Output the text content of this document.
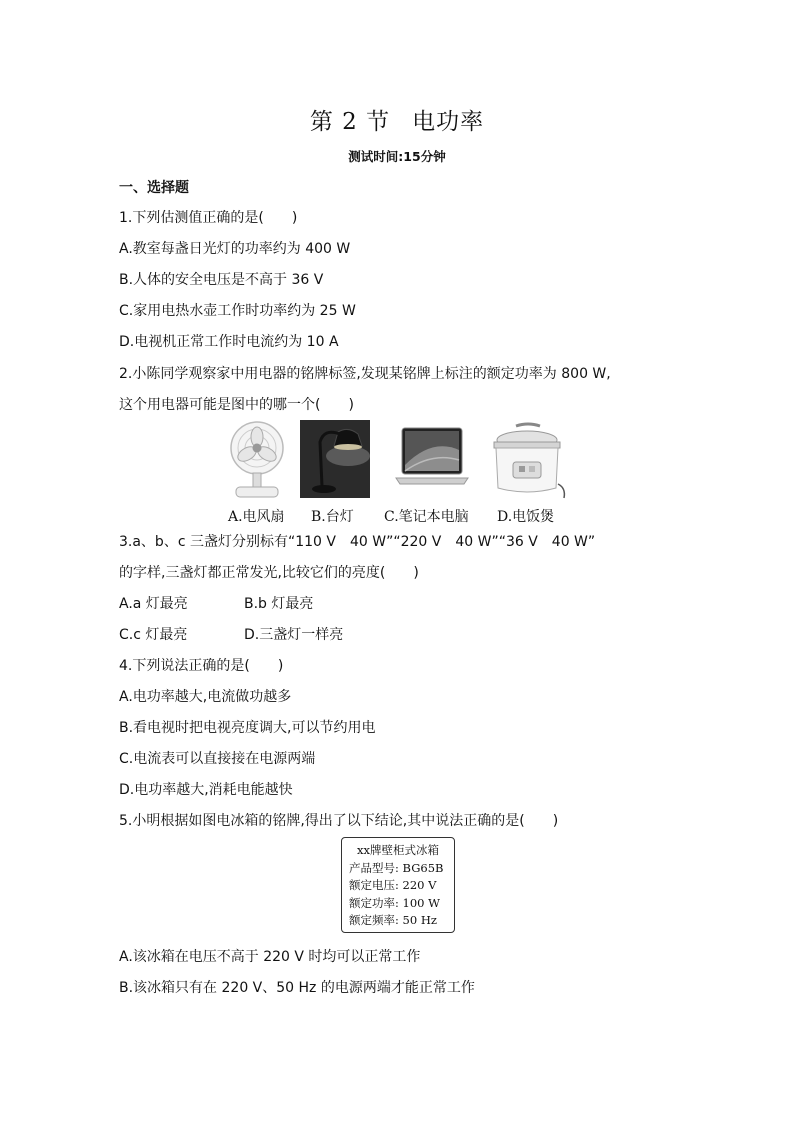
第 2 节 电功率
测试时间:15分钟
一、选择题
1.下列估测值正确的是(　　)
A.教室每盏日光灯的功率约为 400 W
B.人体的安全电压是不高于 36 V
C.家用电热水壶工作时功率约为 25 W
D.电视机正常工作时电流约为 10 A
2.小陈同学观察家中用电器的铭牌标签,发现某铭牌上标注的额定功率为 800 W,
这个用电器可能是图中的哪一个(　　)
A.电风扇 B.台灯 C.笔记本电脑 D.电饭煲
3.a、b、c 三盏灯分别标有“110 V　40 W”“220 V　40 W”“36 V　40 W”
的字样,三盏灯都正常发光,比较它们的亮度(　　)
A.a 灯最亮	B.b 灯最亮
C.c 灯最亮	D.三盏灯一样亮
4.下列说法正确的是(　　)
A.电功率越大,电流做功越多
B.看电视时把电视亮度调大,可以节约用电
C.电流表可以直接接在电源两端
D.电功率越大,消耗电能越快
5.小明根据如图电冰箱的铭牌,得出了以下结论,其中说法正确的是(　　)
xx牌壁柜式冰箱
产品型号: BG65B
额定电压: 220 V
额定功率: 100 W
额定频率: 50 Hz
A.该冰箱在电压不高于 220 V 时均可以正常工作
B.该冰箱只有在 220 V、50 Hz 的电源两端才能正常工作
